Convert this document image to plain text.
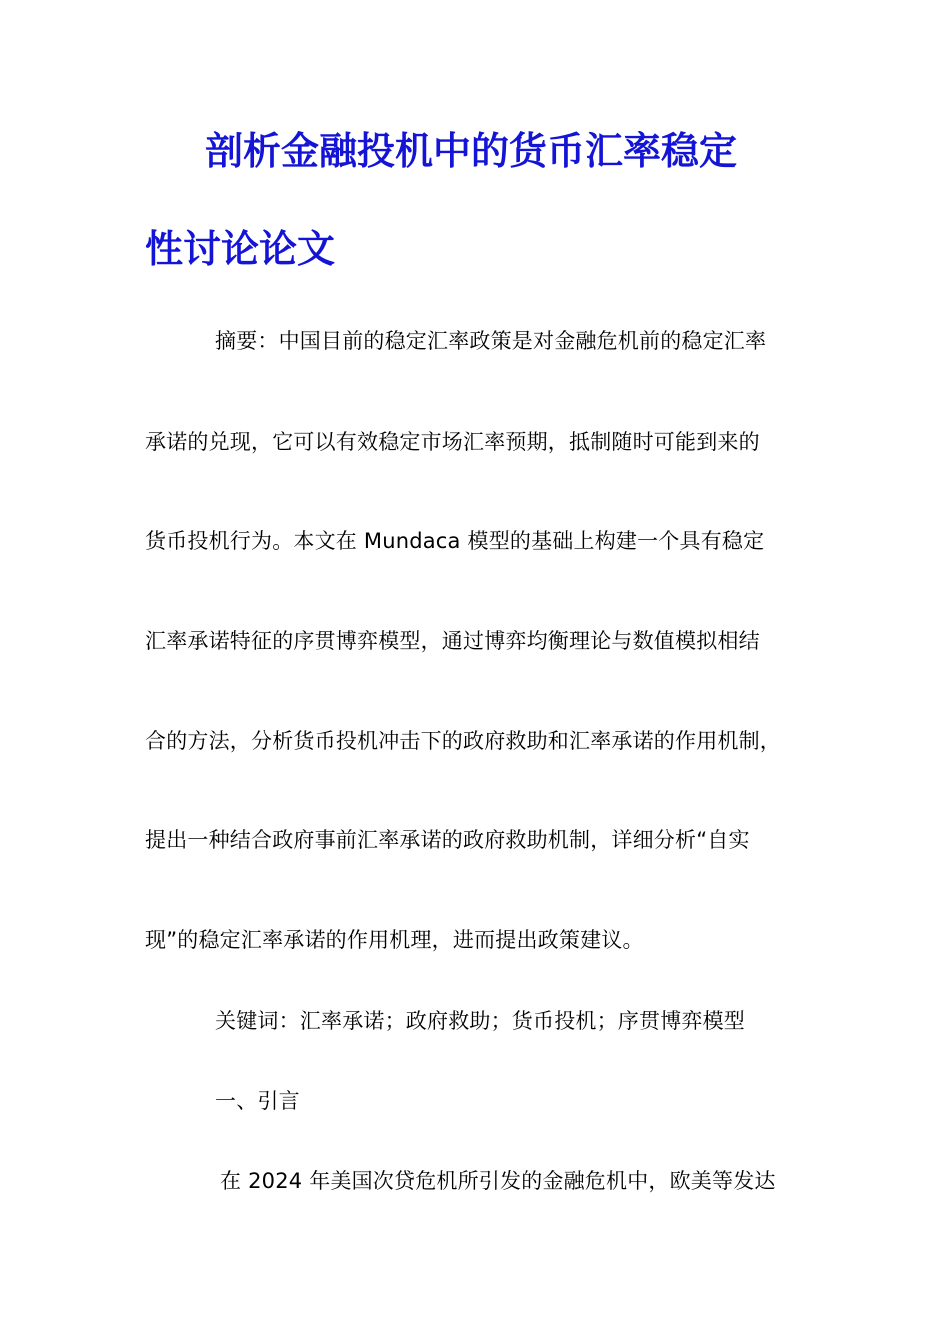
剖析金融投机中的货币汇率稳定
性讨论论文
摘要：中国目前的稳定汇率政策是对金融危机前的稳定汇率
承诺的兑现，它可以有效稳定市场汇率预期，抵制随时可能到来的
货币投机行为。本文在 Mundaca 模型的基础上构建一个具有稳定
汇率承诺特征的序贯博弈模型，通过博弈均衡理论与数值模拟相结
合的方法，分析货币投机冲击下的政府救助和汇率承诺的作用机制，
提出一种结合政府事前汇率承诺的政府救助机制，详细分析“自实
现”的稳定汇率承诺的作用机理，进而提出政策建议。
关键词：汇率承诺；政府救助；货币投机；序贯博弈模型
一、引言
在 2024 年美国次贷危机所引发的金融危机中，欧美等发达
